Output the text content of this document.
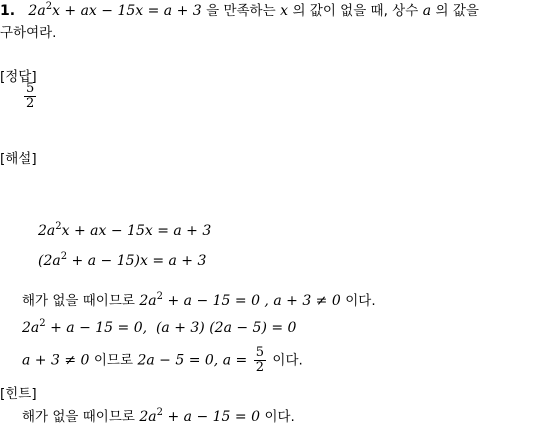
1. $2a^2x$ + ax − 15x = a + 3 을 만족하는 x 의 값이 없을 때, 상수 a 의 값을
구하여라.
[정답]
$\frac{5}{2}$
[해설]
$2a^2x$ + ax − 15x = a + 3
$(2a^2 + a - 15)x = a + 3$
해가 없을 때이므로 $2a^2 + a - 15 = 0$ , a + 3 ≠ 0 이다.
$2a^2 + a - 15 = 0$,  (a + 3) (2a − 5) = 0
a + 3 ≠ 0 이므로 2a − 5 = 0, $a = \frac{5}{2}$ 이다.
[힌트]
해가 없을 때이므로 $2a^2 + a - 15 = 0$ 이다.
